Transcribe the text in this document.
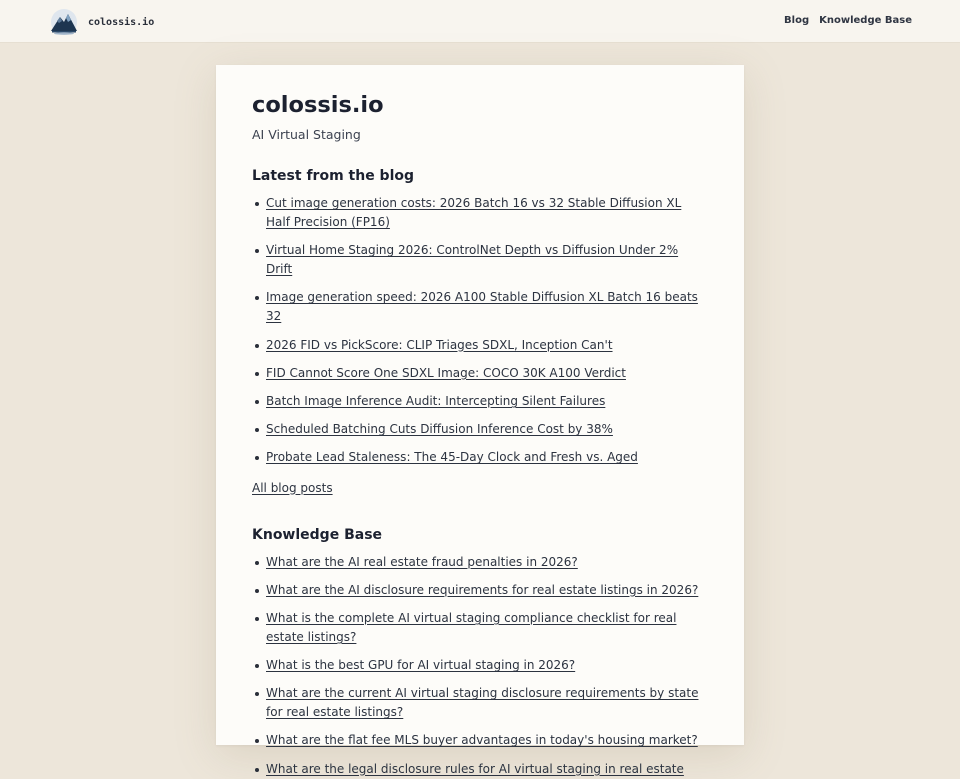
colossis.io	Blog Knowledge Base
colossis.io
AI Virtual Staging
Latest from the blog
Cut image generation costs: 2026 Batch 16 vs 32 Stable Diffusion XL Half Precision (FP16)
Virtual Home Staging 2026: ControlNet Depth vs Diffusion Under 2% Drift
Image generation speed: 2026 A100 Stable Diffusion XL Batch 16 beats 32
2026 FID vs PickScore: CLIP Triages SDXL, Inception Can't
FID Cannot Score One SDXL Image: COCO 30K A100 Verdict
Batch Image Inference Audit: Intercepting Silent Failures
Scheduled Batching Cuts Diffusion Inference Cost by 38%
Probate Lead Staleness: The 45-Day Clock and Fresh vs. Aged
All blog posts
Knowledge Base
What are the AI real estate fraud penalties in 2026?
What are the AI disclosure requirements for real estate listings in 2026?
What is the complete AI virtual staging compliance checklist for real estate listings?
What is the best GPU for AI virtual staging in 2026?
What are the current AI virtual staging disclosure requirements by state for real estate listings?
What are the flat fee MLS buyer advantages in today's housing market?
What are the legal disclosure rules for AI virtual staging in real estate
